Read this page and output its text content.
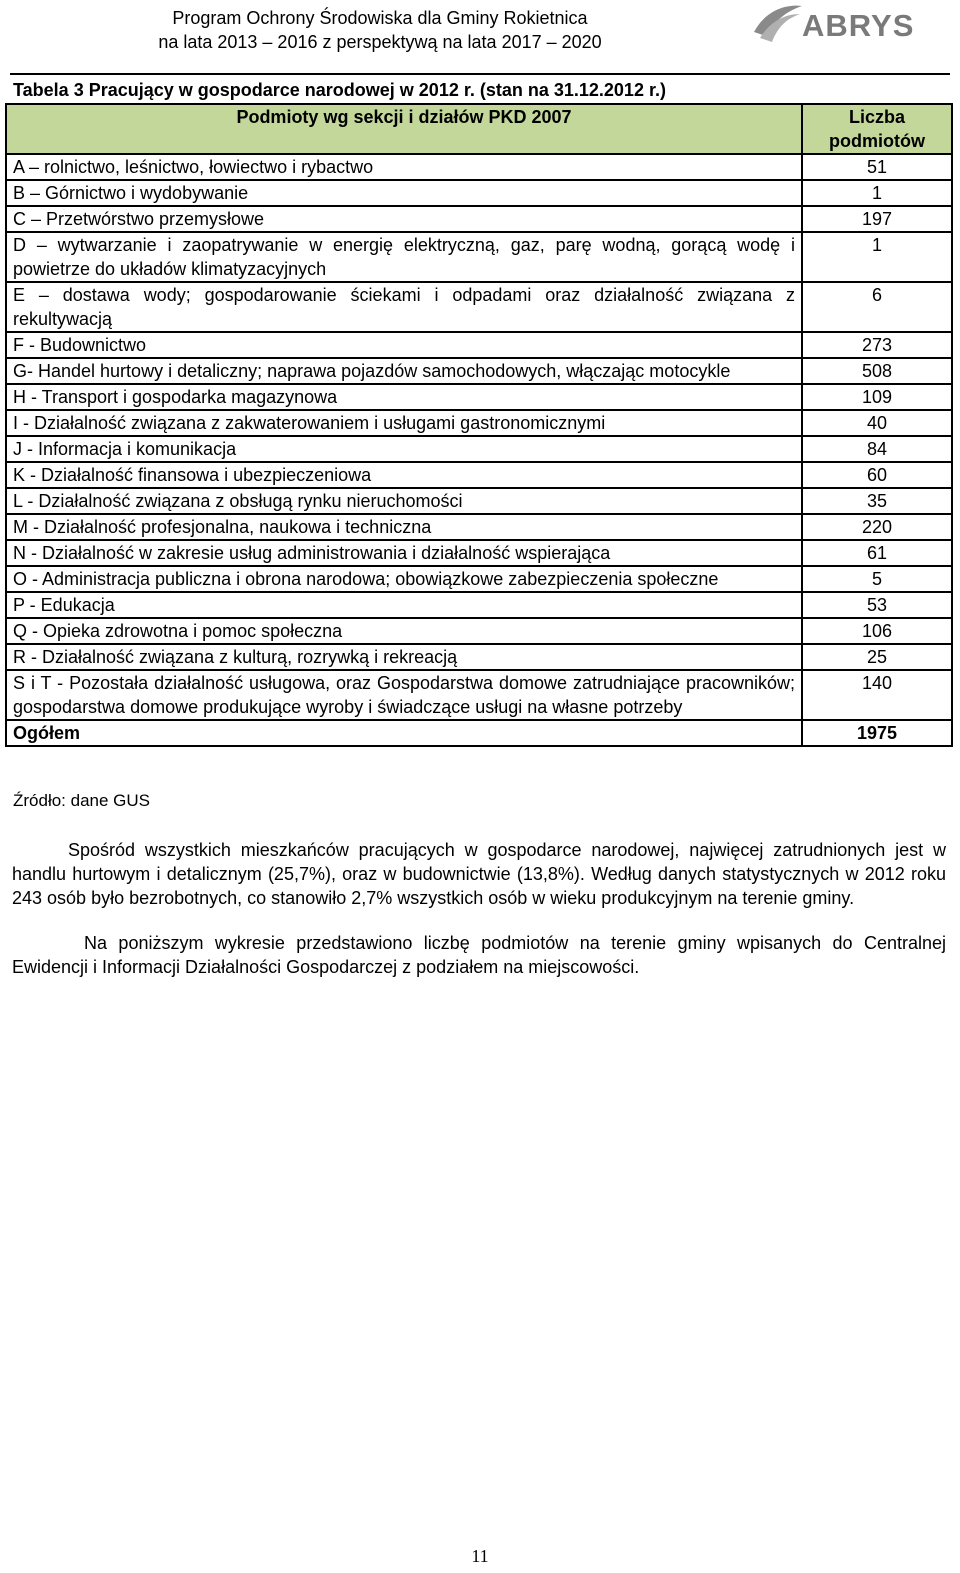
Program Ochrony Środowiska dla Gminy Rokietnica
na lata 2013 – 2016 z perspektywą na lata 2017 – 2020	ABRYS
Tabela 3 Pracujący w gospodarce narodowej w 2012 r. (stan na 31.12.2012 r.)
Podmioty wg sekcji i działów PKD 2007	Liczba podmiotów
A – rolnictwo, leśnictwo, łowiectwo i rybactwo	51
B – Górnictwo i wydobywanie	1
C – Przetwórstwo przemysłowe	197
D – wytwarzanie i zaopatrywanie w energię elektryczną, gaz, parę wodną, gorącą wodę i powietrze do układów klimatyzacyjnych	1
E – dostawa wody; gospodarowanie ściekami i odpadami oraz działalność związana z rekultywacją	6
F - Budownictwo	273
G- Handel hurtowy i detaliczny; naprawa pojazdów samochodowych, włączając motocykle	508
H - Transport i gospodarka magazynowa	109
I - Działalność związana z zakwaterowaniem i usługami gastronomicznymi	40
J - Informacja i komunikacja	84
K - Działalność finansowa i ubezpieczeniowa	60
L - Działalność związana z obsługą rynku nieruchomości	35
M - Działalność profesjonalna, naukowa i techniczna	220
N - Działalność w zakresie usług administrowania i działalność wspierająca	61
O - Administracja publiczna i obrona narodowa; obowiązkowe zabezpieczenia społeczne	5
P - Edukacja	53
Q - Opieka zdrowotna i pomoc społeczna	106
R - Działalność związana z kulturą, rozrywką i rekreacją	25
S i T - Pozostała działalność usługowa, oraz Gospodarstwa domowe zatrudniające pracowników; gospodarstwa domowe produkujące wyroby i świadczące usługi na własne potrzeby	140
Ogółem	1975
Źródło: dane GUS

Spośród wszystkich mieszkańców pracujących w gospodarce narodowej, najwięcej zatrudnionych jest w handlu hurtowym i detalicznym (25,7%), oraz w budownictwie (13,8%). Według danych statystycznych w 2012 roku 243 osób było bezrobotnych, co stanowiło 2,7% wszystkich osób w wieku produkcyjnym na terenie gminy.

Na poniższym wykresie przedstawiono liczbę podmiotów na terenie gminy wpisanych do Centralnej Ewidencji i Informacji Działalności Gospodarczej z podziałem na miejscowości.

11
